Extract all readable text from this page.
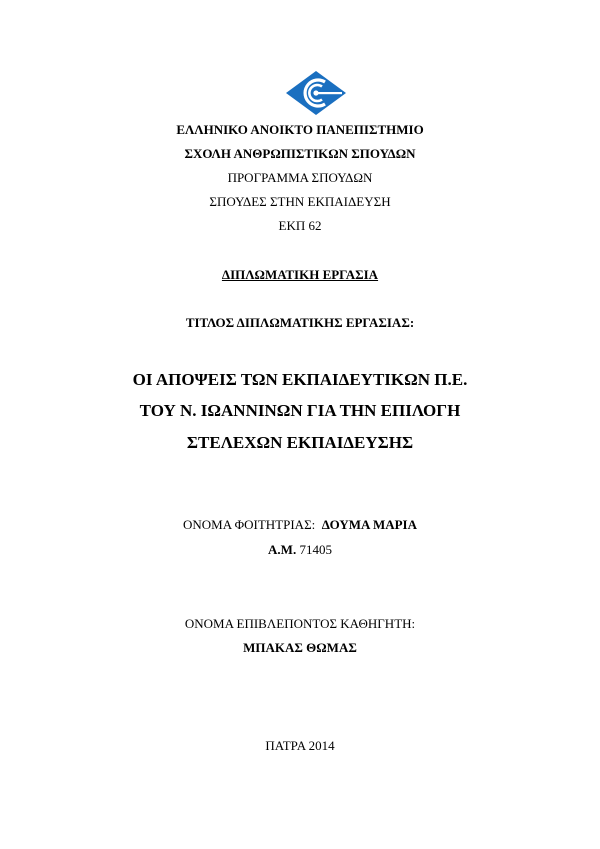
ΕΛΛΗΝΙΚΟ ΑΝΟΙΚΤΟ ΠΑΝΕΠΙΣΤΗΜΙΟ
ΣΧΟΛΗ ΑΝΘΡΩΠΙΣΤΙΚΩΝ ΣΠΟΥΔΩΝ
ΠΡΟΓΡΑΜΜΑ ΣΠΟΥΔΩΝ
ΣΠΟΥΔΕΣ ΣΤΗΝ ΕΚΠΑΙΔΕΥΣΗ
ΕΚΠ 62
ΔΙΠΛΩΜΑΤΙΚΗ ΕΡΓΑΣΙΑ
ΤΙΤΛΟΣ ΔΙΠΛΩΜΑΤΙΚΗΣ ΕΡΓΑΣΙΑΣ:
ΟΙ ΑΠΟΨΕΙΣ ΤΩΝ ΕΚΠΑΙΔΕΥΤΙΚΩΝ Π.Ε.
ΤΟΥ Ν. ΙΩΑΝΝΙΝΩΝ ΓΙΑ ΤΗΝ ΕΠΙΛΟΓΗ
ΣΤΕΛΕΧΩΝ ΕΚΠΑΙΔΕΥΣΗΣ
ΟΝΟΜΑ ΦΟΙΤΗΤΡΙΑΣ: ΔΟΥΜΑ ΜΑΡΙΑ
Α.Μ. 71405
ΟΝΟΜΑ ΕΠΙΒΛΕΠΟΝΤΟΣ ΚΑΘΗΓΗΤΗ:
ΜΠΑΚΑΣ ΘΩΜΑΣ
ΠΑΤΡΑ 2014
